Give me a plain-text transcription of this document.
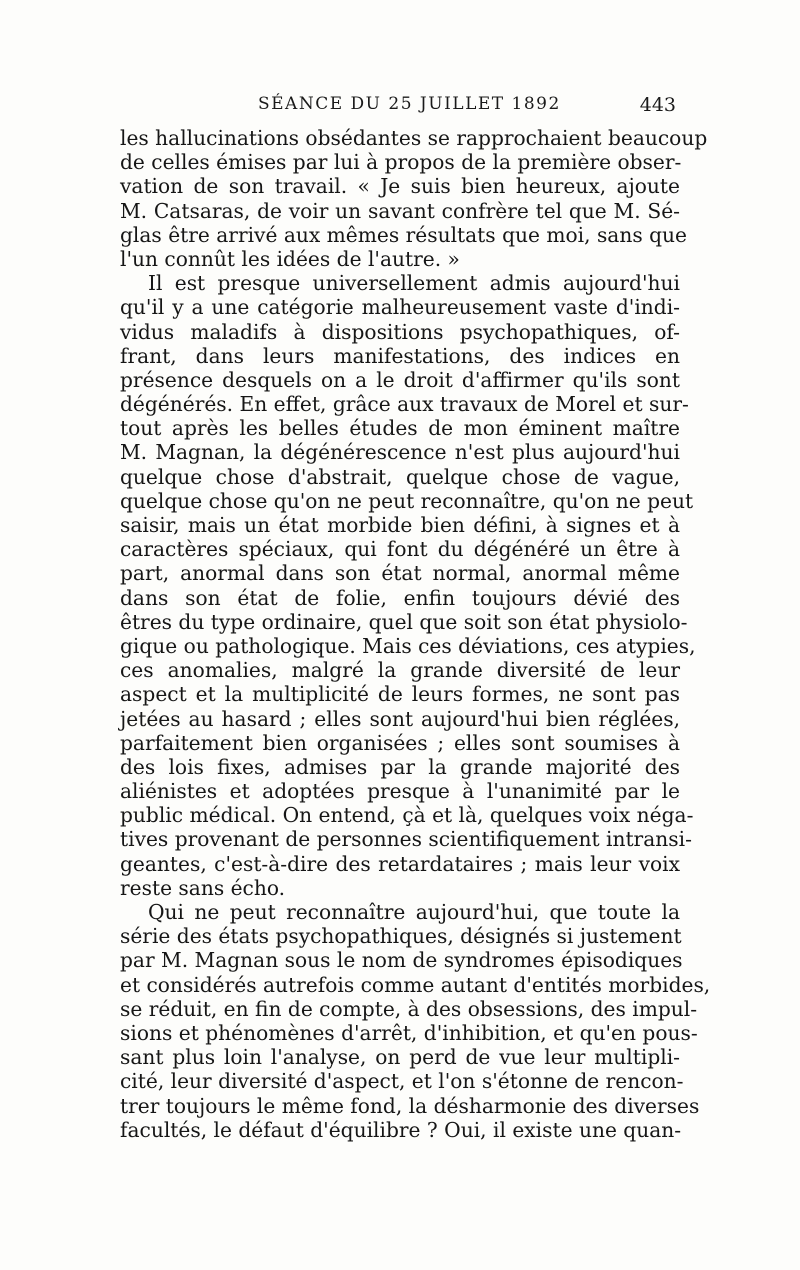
SÉANCE DU 25 JUILLET 1892	443
les hallucinations obsédantes se rapprochaient beaucoup
de celles émises par lui à propos de la première obser-
vation de son travail. « Je suis bien heureux, ajoute
M. Catsaras, de voir un savant confrère tel que M. Sé-
glas être arrivé aux mêmes résultats que moi, sans que
l'un connût les idées de l'autre. »
Il est presque universellement admis aujourd'hui
qu'il y a une catégorie malheureusement vaste d'indi-
vidus maladifs à dispositions psychopathiques, of-
frant, dans leurs manifestations, des indices en
présence desquels on a le droit d'affirmer qu'ils sont
dégénérés. En effet, grâce aux travaux de Morel et sur-
tout après les belles études de mon éminent maître
M. Magnan, la dégénérescence n'est plus aujourd'hui
quelque chose d'abstrait, quelque chose de vague,
quelque chose qu'on ne peut reconnaître, qu'on ne peut
saisir, mais un état morbide bien défini, à signes et à
caractères spéciaux, qui font du dégénéré un être à
part, anormal dans son état normal, anormal même
dans son état de folie, enfin toujours dévié des
êtres du type ordinaire, quel que soit son état physiolo-
gique ou pathologique. Mais ces déviations, ces atypies,
ces anomalies, malgré la grande diversité de leur
aspect et la multiplicité de leurs formes, ne sont pas
jetées au hasard ; elles sont aujourd'hui bien réglées,
parfaitement bien organisées ; elles sont soumises à
des lois fixes, admises par la grande majorité des
aliénistes et adoptées presque à l'unanimité par le
public médical. On entend, çà et là, quelques voix néga-
tives provenant de personnes scientifiquement intransi-
geantes, c'est-à-dire des retardataires ; mais leur voix
reste sans écho.
Qui ne peut reconnaître aujourd'hui, que toute la
série des états psychopathiques, désignés si justement
par M. Magnan sous le nom de syndromes épisodiques
et considérés autrefois comme autant d'entités morbides,
se réduit, en fin de compte, à des obsessions, des impul-
sions et phénomènes d'arrêt, d'inhibition, et qu'en pous-
sant plus loin l'analyse, on perd de vue leur multipli-
cité, leur diversité d'aspect, et l'on s'étonne de rencon-
trer toujours le même fond, la désharmonie des diverses
facultés, le défaut d'équilibre ? Oui, il existe une quan-
